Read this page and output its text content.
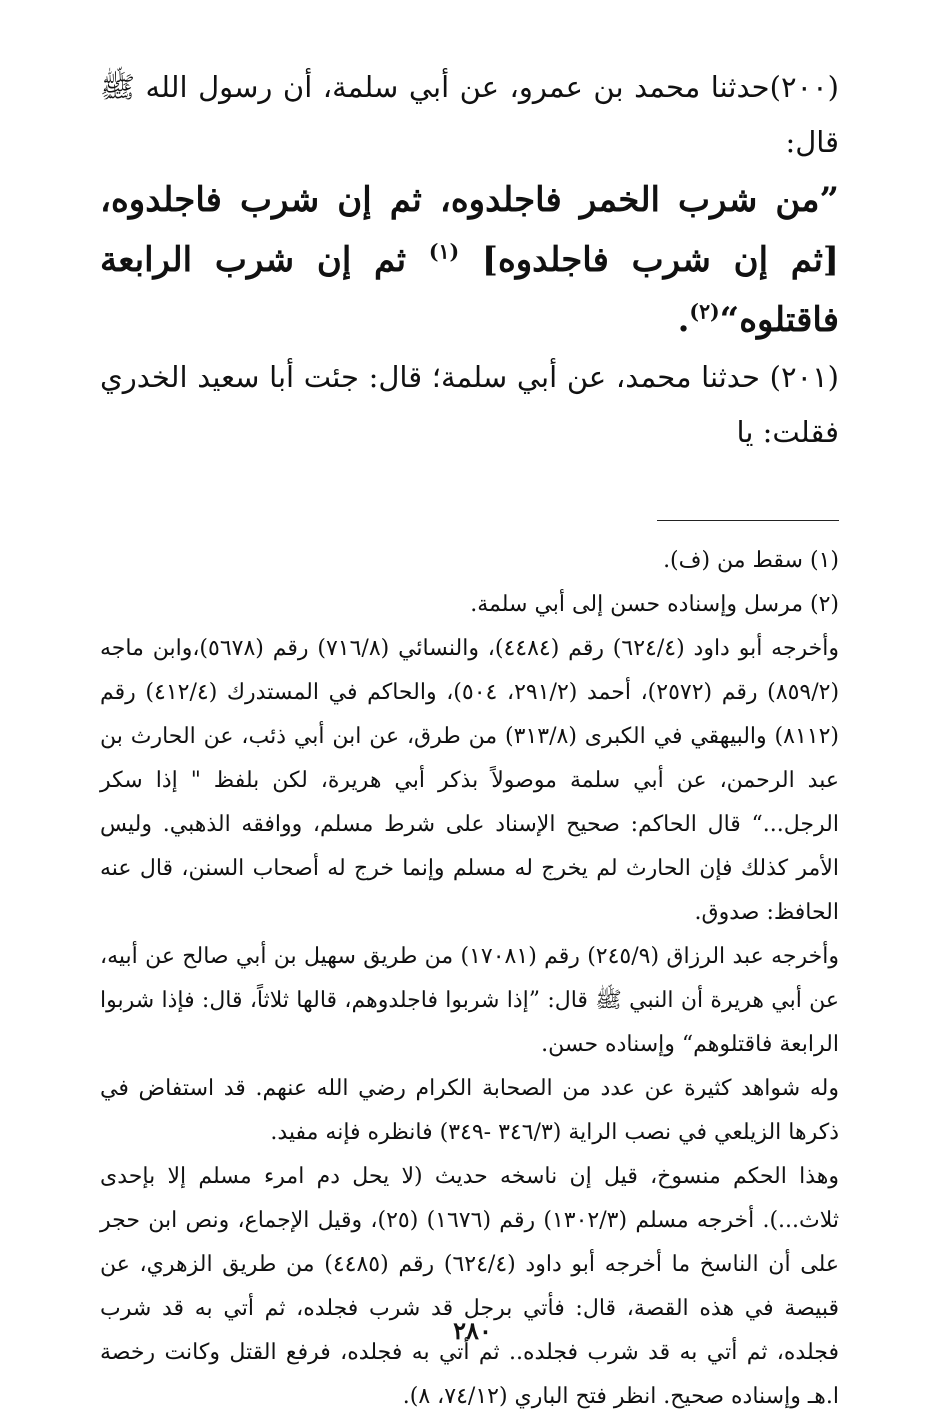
(٢٠٠)حدثنا محمد بن عمرو، عن أبي سلمة، أن رسول الله ﷺ قال:

”من شرب الخمر فاجلدوه، ثم إن شرب فاجلدوه،[ثم إن شرب فاجلدوه] $^{(١)}$ ثم إن شرب الرابعة فاقتلوه“$^{(٢)}$.

(٢٠١) حدثنا محمد، عن أبي سلمة؛ قال: جئت أبا سعيد الخدري فقلت: يا

(١) سقط من (ف).

(٢) مرسل وإسناده حسن إلى أبي سلمة.

وأخرجه أبو داود (٦٢٤/٤) رقم (٤٤٨٤)، والنسائي (٧١٦/٨) رقم (٥٦٧٨)،وابن ماجه (٨٥٩/٢) رقم (٢٥٧٢)، أحمد (٢٩١/٢، ٥٠٤)، والحاكم في المستدرك (٤١٢/٤) رقم (٨١١٢) والبيهقي في الكبرى (٣١٣/٨) من طرق، عن ابن أبي ذئب، عن الحارث بن عبد الرحمن، عن أبي سلمة موصولاً بذكر أبي هريرة، لكن بلفظ " إذا سكر الرجل...“ قال الحاكم: صحيح الإسناد على شرط مسلم، ووافقه الذهبي. وليس الأمر كذلك فإن الحارث لم يخرج له مسلم وإنما خرج له أصحاب السنن، قال عنه الحافظ: صدوق.

وأخرجه عبد الرزاق (٢٤٥/٩) رقم (١٧٠٨١) من طريق سهيل بن أبي صالح عن أبيه، عن أبي هريرة أن النبي ﷺ قال: ”إذا شربوا فاجلدوهم، قالها ثلاثاً، قال: فإذا شربوا الرابعة فاقتلوهم“ وإسناده حسن.

وله شواهد كثيرة عن عدد من الصحابة الكرام رضي الله عنهم. قد استفاض في ذكرها الزيلعي في نصب الراية (٣٤٦/٣ -٣٤٩) فانظره فإنه مفيد.

وهذا الحكم منسوخ، قيل إن ناسخه حديث (لا يحل دم امرء مسلم إلا بإحدى ثلاث...). أخرجه مسلم (١٣٠٢/٣) رقم (١٦٧٦) (٢٥)، وقيل الإجماع، ونص ابن حجر على أن الناسخ ما أخرجه أبو داود (٦٢٤/٤) رقم (٤٤٨٥) من طريق الزهري، عن قبيصة في هذه القصة، قال: فأتي برجل قد شرب فجلده، ثم أتي به قد شرب فجلده، ثم أتي به قد شرب فجلده.. ثم أتي به فجلده، فرفع القتل وكانت رخصة ا.هـ وإسناده صحيح. انظر فتح الباري (٧٤/١٢، ٨).

٢٨٠
